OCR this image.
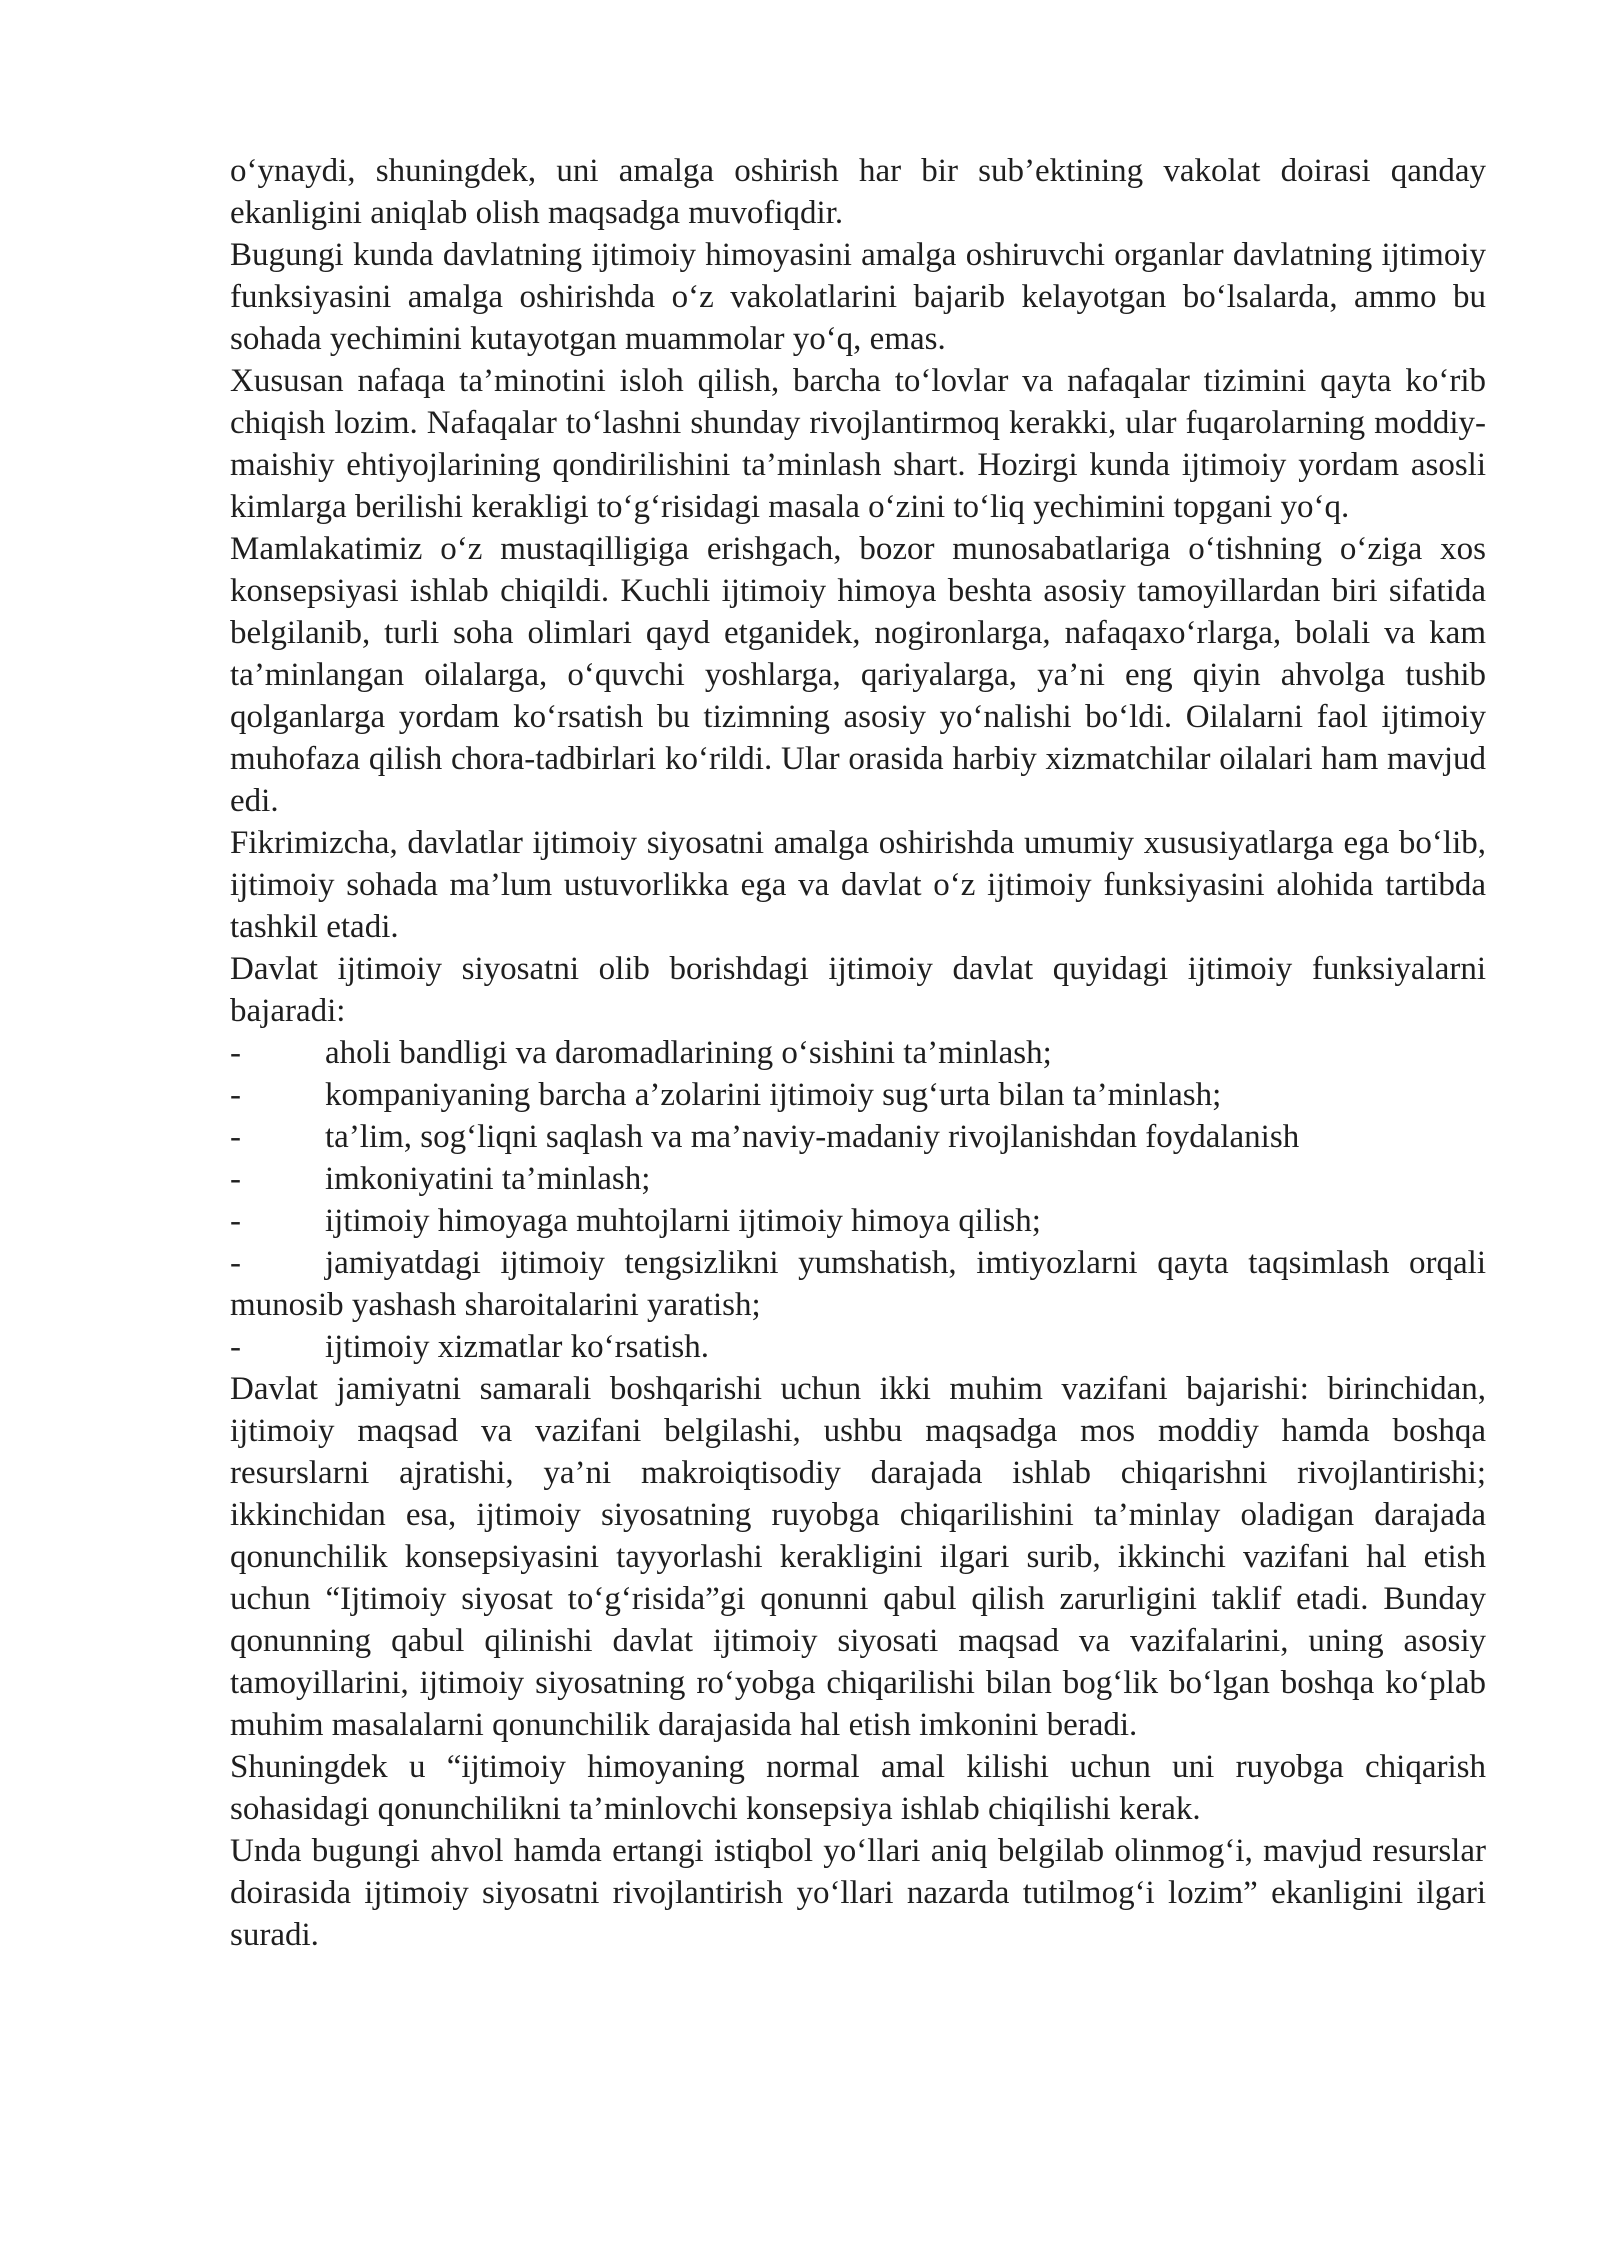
o‘ynaydi, shuningdek, uni amalga oshirish har bir sub’ektining vakolat doirasi qanday ekanligini aniqlab olish maqsadga muvofiqdir.

Bugungi kunda davlatning ijtimoiy himoyasini amalga oshiruvchi organlar davlatning ijtimoiy funksiyasini amalga oshirishda o‘z vakolatlarini bajarib kelayotgan bo‘lsalarda, ammo bu sohada yechimini kutayotgan muammolar yo‘q, emas.

Xususan nafaqa ta’minotini isloh qilish, barcha to‘lovlar va nafaqalar tizimini qayta ko‘rib chiqish lozim. Nafaqalar to‘lashni shunday rivojlantirmoq kerakki, ular fuqarolarning moddiy-maishiy ehtiyojlarining qondirilishini ta’minlash shart. Hozirgi kunda ijtimoiy yordam asosli kimlarga berilishi kerakligi to‘g‘risidagi masala o‘zini to‘liq yechimini topgani yo‘q.

Mamlakatimiz o‘z mustaqilligiga erishgach, bozor munosabatlariga o‘tishning o‘ziga xos konsepsiyasi ishlab chiqildi. Kuchli ijtimoiy himoya beshta asosiy tamoyillardan biri sifatida belgilanib, turli soha olimlari qayd etganidek, nogironlarga, nafaqaxo‘rlarga, bolali va kam ta’minlangan oilalarga, o‘quvchi yoshlarga, qariyalarga, ya’ni eng qiyin ahvolga tushib qolganlarga yordam ko‘rsatish bu tizimning asosiy yo‘nalishi bo‘ldi. Oilalarni faol ijtimoiy muhofaza qilish chora-tadbirlari ko‘rildi. Ular orasida harbiy xizmatchilar oilalari ham mavjud edi.

Fikrimizcha, davlatlar ijtimoiy siyosatni amalga oshirishda umumiy xususiyatlarga ega bo‘lib, ijtimoiy sohada ma’lum ustuvorlikka ega va davlat o‘z ijtimoiy funksiyasini alohida tartibda tashkil etadi.

Davlat ijtimoiy siyosatni olib borishdagi ijtimoiy davlat quyidagi ijtimoiy funksiyalarni bajaradi:

-	aholi bandligi va daromadlarining o‘sishini ta’minlash;

-	kompaniyaning barcha a’zolarini ijtimoiy sug‘urta bilan ta’minlash;

-	ta’lim, sog‘liqni saqlash va ma’naviy-madaniy rivojlanishdan foydalanish

-	imkoniyatini ta’minlash;

-	ijtimoiy himoyaga muhtojlarni ijtimoiy himoya qilish;

-	jamiyatdagi ijtimoiy tengsizlikni yumshatish, imtiyozlarni qayta taqsimlash orqali munosib yashash sharoitalarini yaratish;

-	ijtimoiy xizmatlar ko‘rsatish.

Davlat jamiyatni samarali boshqarishi uchun ikki muhim vazifani bajarishi: birinchidan, ijtimoiy maqsad va vazifani belgilashi, ushbu maqsadga mos moddiy hamda boshqa resurslarni ajratishi, ya’ni makroiqtisodiy darajada ishlab chiqarishni rivojlantirishi; ikkinchidan esa, ijtimoiy siyosatning ruyobga chiqarilishini ta’minlay oladigan darajada qonunchilik konsepsiyasini tayyorlashi kerakligini ilgari surib, ikkinchi vazifani hal etish uchun “Ijtimoiy siyosat to‘g‘risida”gi qonunni qabul qilish zarurligini taklif etadi. Bunday qonunning qabul qilinishi davlat ijtimoiy siyosati maqsad va vazifalarini, uning asosiy tamoyillarini, ijtimoiy siyosatning ro‘yobga chiqarilishi bilan bog‘lik bo‘lgan boshqa ko‘plab muhim masalalarni qonunchilik darajasida hal etish imkonini beradi.

Shuningdek u “ijtimoiy himoyaning normal amal kilishi uchun uni ruyobga chiqarish sohasidagi qonunchilikni ta’minlovchi konsepsiya ishlab chiqilishi kerak.

Unda bugungi ahvol hamda ertangi istiqbol yo‘llari aniq belgilab olinmog‘i, mavjud resurslar doirasida ijtimoiy siyosatni rivojlantirish yo‘llari nazarda tutilmog‘i lozim” ekanligini ilgari suradi.
